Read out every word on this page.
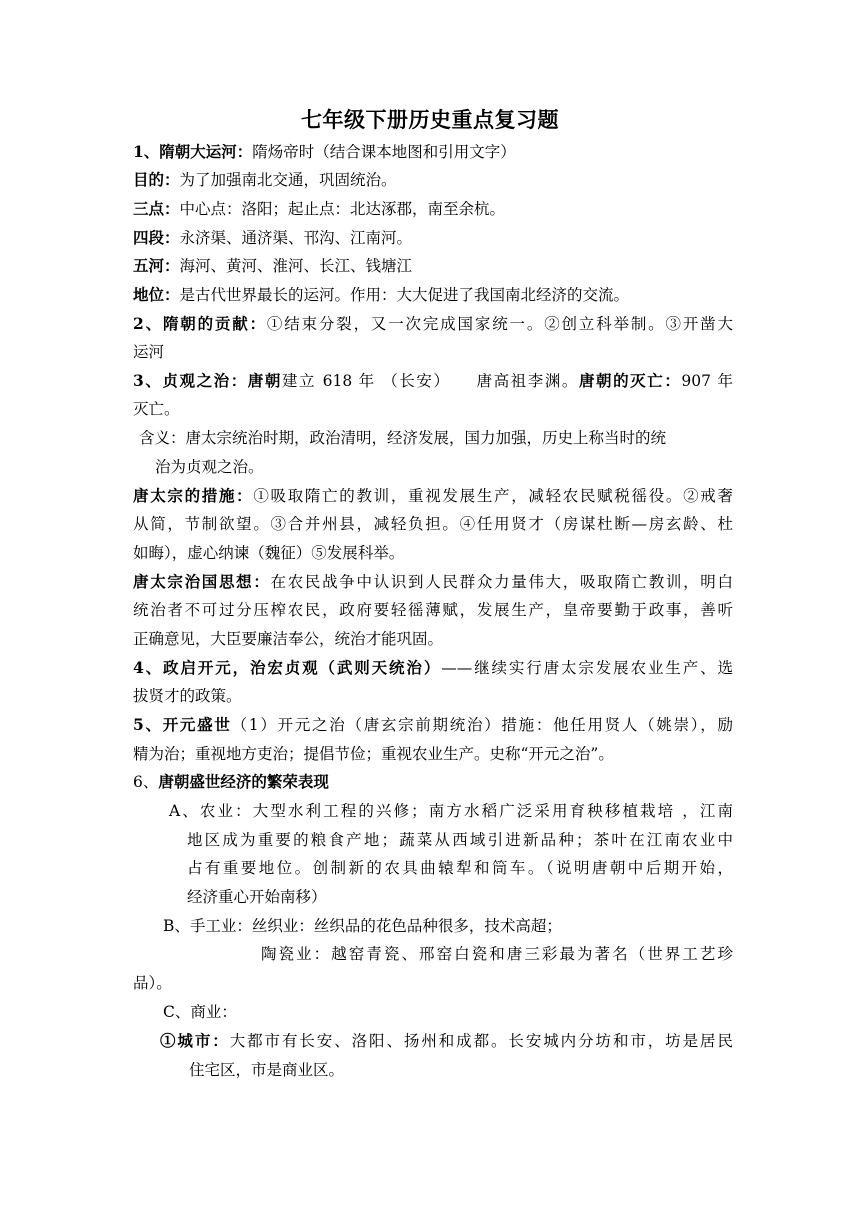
七年级下册历史重点复习题
1、隋朝大运河：隋炀帝时（结合课本地图和引用文字）
目的：为了加强南北交通，巩固统治。
三点：中心点：洛阳；起止点：北达涿郡，南至余杭。
四段：永济渠、通济渠、邗沟、江南河。
五河：海河、黄河、淮河、长江、钱塘江
地位：是古代世界最长的运河。作用：大大促进了我国南北经济的交流。
2、隋朝的贡献：①结束分裂，又一次完成国家统一。②创立科举制。③开凿大
运河
3、贞观之治：唐朝建立 618 年 （长安）    唐高祖李渊。唐朝的灭亡：907 年
灭亡。
含义：唐太宗统治时期，政治清明，经济发展，国力加强，历史上称当时的统
治为贞观之治。
唐太宗的措施：①吸取隋亡的教训，重视发展生产，减轻农民赋税徭役。②戒奢
从简，节制欲望。③合并州县，减轻负担。④任用贤才（房谋杜断—房玄龄、杜
如晦），虚心纳谏（魏征）⑤发展科举。
唐太宗治国思想：在农民战争中认识到人民群众力量伟大，吸取隋亡教训，明白
统治者不可过分压榨农民，政府要轻徭薄赋，发展生产，皇帝要勤于政事，善听
正确意见，大臣要廉洁奉公，统治才能巩固。
4、政启开元，治宏贞观（武则天统治）——继续实行唐太宗发展农业生产、选
拔贤才的政策。
5、开元盛世（1）开元之治（唐玄宗前期统治）措施：他任用贤人（姚崇），励
精为治；重视地方吏治；提倡节俭；重视农业生产。史称“开元之治”。
6、唐朝盛世经济的繁荣表现
A、农业：大型水利工程的兴修；南方水稻广泛采用育秧移植栽培 ，江南
地区成为重要的粮食产地；蔬菜从西域引进新品种；茶叶在江南农业中
占有重要地位。创制新的农具曲辕犁和筒车。（说明唐朝中后期开始，
经济重心开始南移）
B、手工业：丝织业：丝织品的花色品种很多，技术高超；
陶瓷业：越窑青瓷、邢窑白瓷和唐三彩最为著名（世界工艺珍
品）。
C、商业：
①城市：大都市有长安、洛阳、扬州和成都。长安城内分坊和市，坊是居民
住宅区，市是商业区。
